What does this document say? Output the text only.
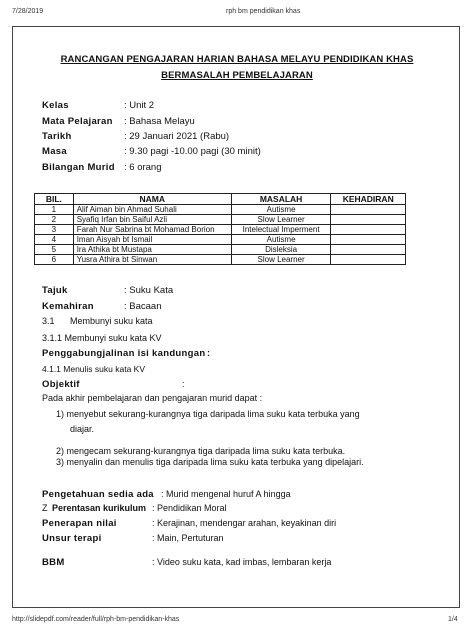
7/28/2019	rph bm pendidikan khas
RANCANGAN PENGAJARAN HARIAN BAHASA MELAYU PENDIDIKAN KHAS
BERMASALAH PEMBELAJARAN
Kelas	: Unit 2
Mata Pelajaran : Bahasa Melayu
Tarikh	: 29 Januari 2021 (Rabu)
Masa	: 9.30 pagi -10.00 pagi (30 minit)
Bilangan Murid : 6 orang
BIL.	NAMA	MASALAH	KEHADIRAN
1	Alif Aiman bin Ahmad Suhali	Autisme	
2	Syafiq Irfan bin Saiful Azli	Slow Learner	
3	Farah Nur Sabrina bt Mohamad Borion	Intelectual Imperment	
4	Iman Aisyah bt Ismail	Autisme	
5	Ira Athika bt Mustapa	Disleksia	
6	Yusra Athira bt Sinwan	Slow Learner	
Tajuk	: Suku Kata
Kemahiran	: Bacaan
3.1 Membunyi suku kata
3.1.1 Membunyi suku kata KV
Penggabungjalinan isi kandungan :
4.1.1 Menulis suku kata KV
Objektif	:
Pada akhir pembelajaran dan pengajaran murid dapat :
1) menyebut sekurang-kurangnya tiga daripada lima suku kata terbuka yang
diajar.
2) mengecam sekurang-kurangnya tiga daripada lima suku kata terbuka.
3) menyalin dan menulis tiga daripada lima suku kata terbuka yang dipelajari.
Pengetahuan sedia ada : Murid mengenal huruf A hingga
Z Perentasan kurikulum : Pendidikan Moral
Penerapan nilai	: Kerajinan, mendengar arahan, keyakinan diri
Unsur terapi	: Main, Pertuturan
BBM	: Video suku kata, kad imbas, lembaran kerja
http://slidepdf.com/reader/full/rph-bm-pendidikan-khas	1/4
